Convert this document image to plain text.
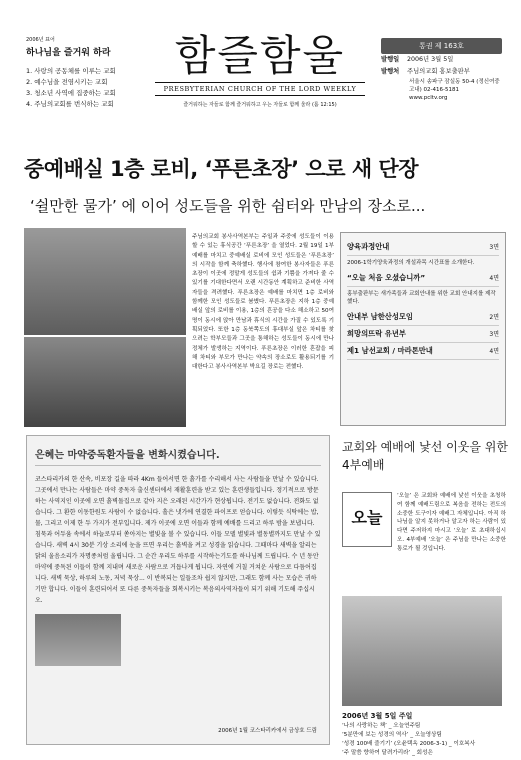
2006년 표어
하나님을 즐거워 하라
1. 사랑의 공동체를 이루는 교회
2. 예수님을 전염시키는 교회
3. 청소년 사역에 집중하는 교회
4. 주님의교회를 번식하는 교회
함즐함울
PRESBYTERIAN CHURCH OF THE LORD WEEKLY
즐거워하는 자들로 함께 즐거워하고 우는 자들로 함께 울라 (롬 12:15)
통권 제 163호
발행일 2006년 3월 5일
발행처 주님의교회 홍보출판부
서울시 송파구 잠실동 50-4 (정신여중고내) 02-416-5181
www.pcltv.org
중예배실 1층 로비, ‘푸른초장’ 으로 새 단장
‘쉴만한 물가’ 에 이어 성도들을 위한 쉼터와 만남의 장소로...
주님의교회 봉사사역본부는 주일과 주중에 성도들이 이용할 수 있는 휴식공간 ‘푸른초장’ 을 열었다. 2월 19일 1부 예배를 마치고 중예배실 로비에 모인 성도들은 ‘푸른초장’ 의 시작을 함께 축하했다. 행사에 참여한 봉사자들은 푸른초장이 이곳에 정말게 성도들의 쉼과 기쁨을 가져다 줄 수 있기를 기대한다면서 오랜 시간동안 계획하고 준비한 사역자들을 격려했다. 푸른초장은 예배를 마치면 1층 로비와 함께한 모인 성도들로 붐볐다. 푸른초장은 지하 1층 중예배실 앞의 로비를 이용, 1층의 흔공을 다소 해소하고 50여명이 동시에 앉아 만남과 휴식의 시간을 가질 수 있도록 기획되었다. 또한 1층 동북쪽도의 휴대부실 앞은 차티를 찾으려는 학부모들과 그곳을 통해하는 성도들이 동시에 만나 정체가 발생하는 지역이다. 푸른초장은 이러한 혼잡을 피해 차티와 부모가 만나는 약속의 장소로도 활용되기를 기대한다고 봉사사역본부 박요길 장로는 전했다.
양육과정안내	3면
2006-1학기양육과정의 개설과목 시간표를 소개한다.
“오늘 처음 오셨습니까”	4면
홍부출판부는 새가족들과 교회안내를 위한 교회 안내지를 제작했다.
안내부 남한산성모임	2면
희망의뜨락 유년부	3면
제1 남선교회 / 마라톤만내	4면
은혜는 마약중독환자들을 변화시켰습니다.

코스타리카의 한 산속, 비포장 길을 따라 4Km 들어서면 한 흙가를 수리해서 사는 사람들을 만날 수 있습니다. 그곳에서 만나는 사람들은 마약 중독자 출신센터에서 재활훈련을 받고 있는 훈련생들입니다. 정기적으로 방문하는 사역지인 이곳에 오면 흙벽돌집으로 같아 지은 오래된 시간가가 현상됩니다. 전기도 없습니다. 전화도 없습니다. 그 환한 이동한원도 사람이 수 없습니다. 흘은 냇가에 연결한 파이프로 얻습니다. 이렇듯 식탁에는 밥, 물, 그리고 이제 한 두 가지가 전부입니다. 제가 이곳에 오면 이들과 함께 예배를 드리고 하루 밤을 보냅니다. 침묵과 어두움 속에서 하늘로부터 쏟아지는 별빛을 볼 수 있습니다. 이들 모델 별빛과 별동별까지도 만날 수 있습니다. 새벽 4시 30분 기상 소리에 눈을 뜨면 우리는 흙벽을 켜고 성경을 읽습니다. 그때마다 새벽을 알리는 닭의 울음소리가 자명종처럼 울립니다. 그 순간 우리도 하루를 시작하는기도를 하나님께 드립니다. 수 년 동안 마약에 중독된 이들이 함께 지내며 새로운 사람으로 거듭나게 됩니다. 자연에 거칠 거쳐운 사람으로 다듬어집니다. 새벽 묵상, 하루의 노동, 저녁 묵상... 이 반복되는 일들조차 쉽지 않지만, 그래도 함께 사는 모습은 귀하기만 합니다. 이들이 훈련되어서 또 다른 중독자들을 회복시키는 복음의사역자들이 되기 위해 기도해 주십시오.

2006년 1월 코스타리카에서 금상호 드림
교회와 예배에 낯선 이웃을 위한 4부예배
오늘
‘오늘’ 은 교회와 예배에 낯선 이웃을 초청하여 함께 예배드림으로 복음을 전하는 전도의 소중한 도구이자 예배그 자체입니다. 아직 하나님을 알지 못하거나 알고자 하는 사람이 있다면 주저하지 마시고 ‘오늘’ 로 초대하십시오. 4부예배 ‘오늘’ 은 주님을 만나는 소중한 통로가 될 것입니다.
2006년 3월 5일 주일
‘나의 사랑하는 책’ _ 오늘연주팀
‘5분만에 보는 성경의 역사’ _ 오늘영상팀
‘성경 100배 즐기기’ (오윤택옥 2006-3-1) _ 이호복사
‘주 말씀 향하여 달려가리라’ _ 회성은
